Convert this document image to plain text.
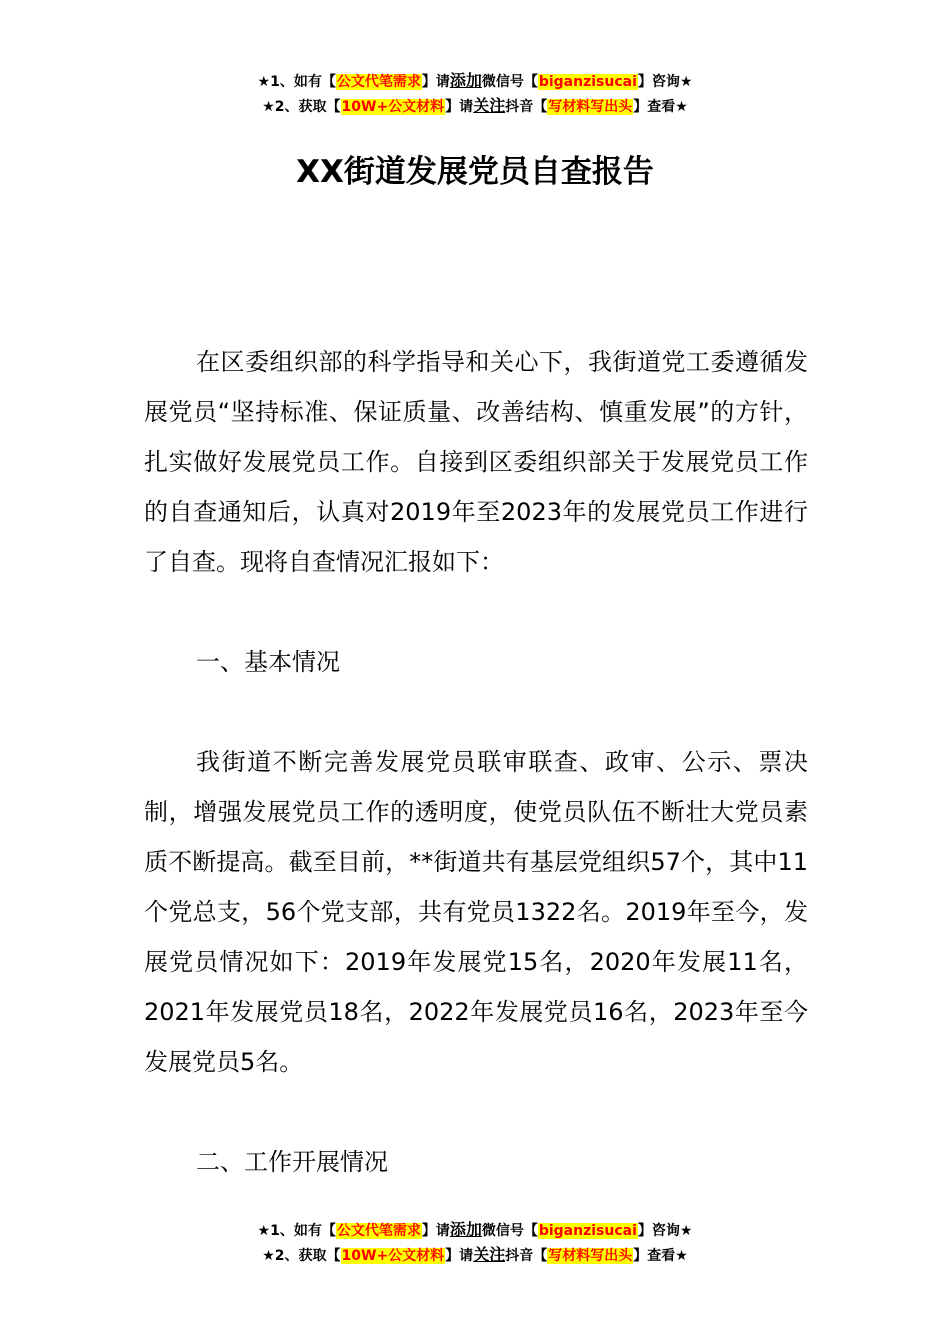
★1、如有【公文代笔需求】请添加微信号【biganzisucai】咨询★
★2、获取【10W+公文材料】请关注抖音【写材料写出头】查看★
XX街道发展党员自查报告

在区委组织部的科学指导和关心下，我街道党工委遵循发展党员“坚持标准、保证质量、改善结构、慎重发展”的方针，扎实做好发展党员工作。自接到区委组织部关于发展党员工作的自查通知后，认真对2019年至2023年的发展党员工作进行了自查。现将自查情况汇报如下：

一、基本情况

我街道不断完善发展党员联审联查、政审、公示、票决制，增强发展党员工作的透明度，使党员队伍不断壮大党员素质不断提高。截至目前，**街道共有基层党组织57个，其中11个党总支，56个党支部，共有党员1322名。2019年至今，发展党员情况如下：2019年发展党15名，2020年发展11名，2021年发展党员18名，2022年发展党员16名，2023年至今发展党员5名。

二、工作开展情况

★1、如有【公文代笔需求】请添加微信号【biganzisucai】咨询★
★2、获取【10W+公文材料】请关注抖音【写材料写出头】查看★
